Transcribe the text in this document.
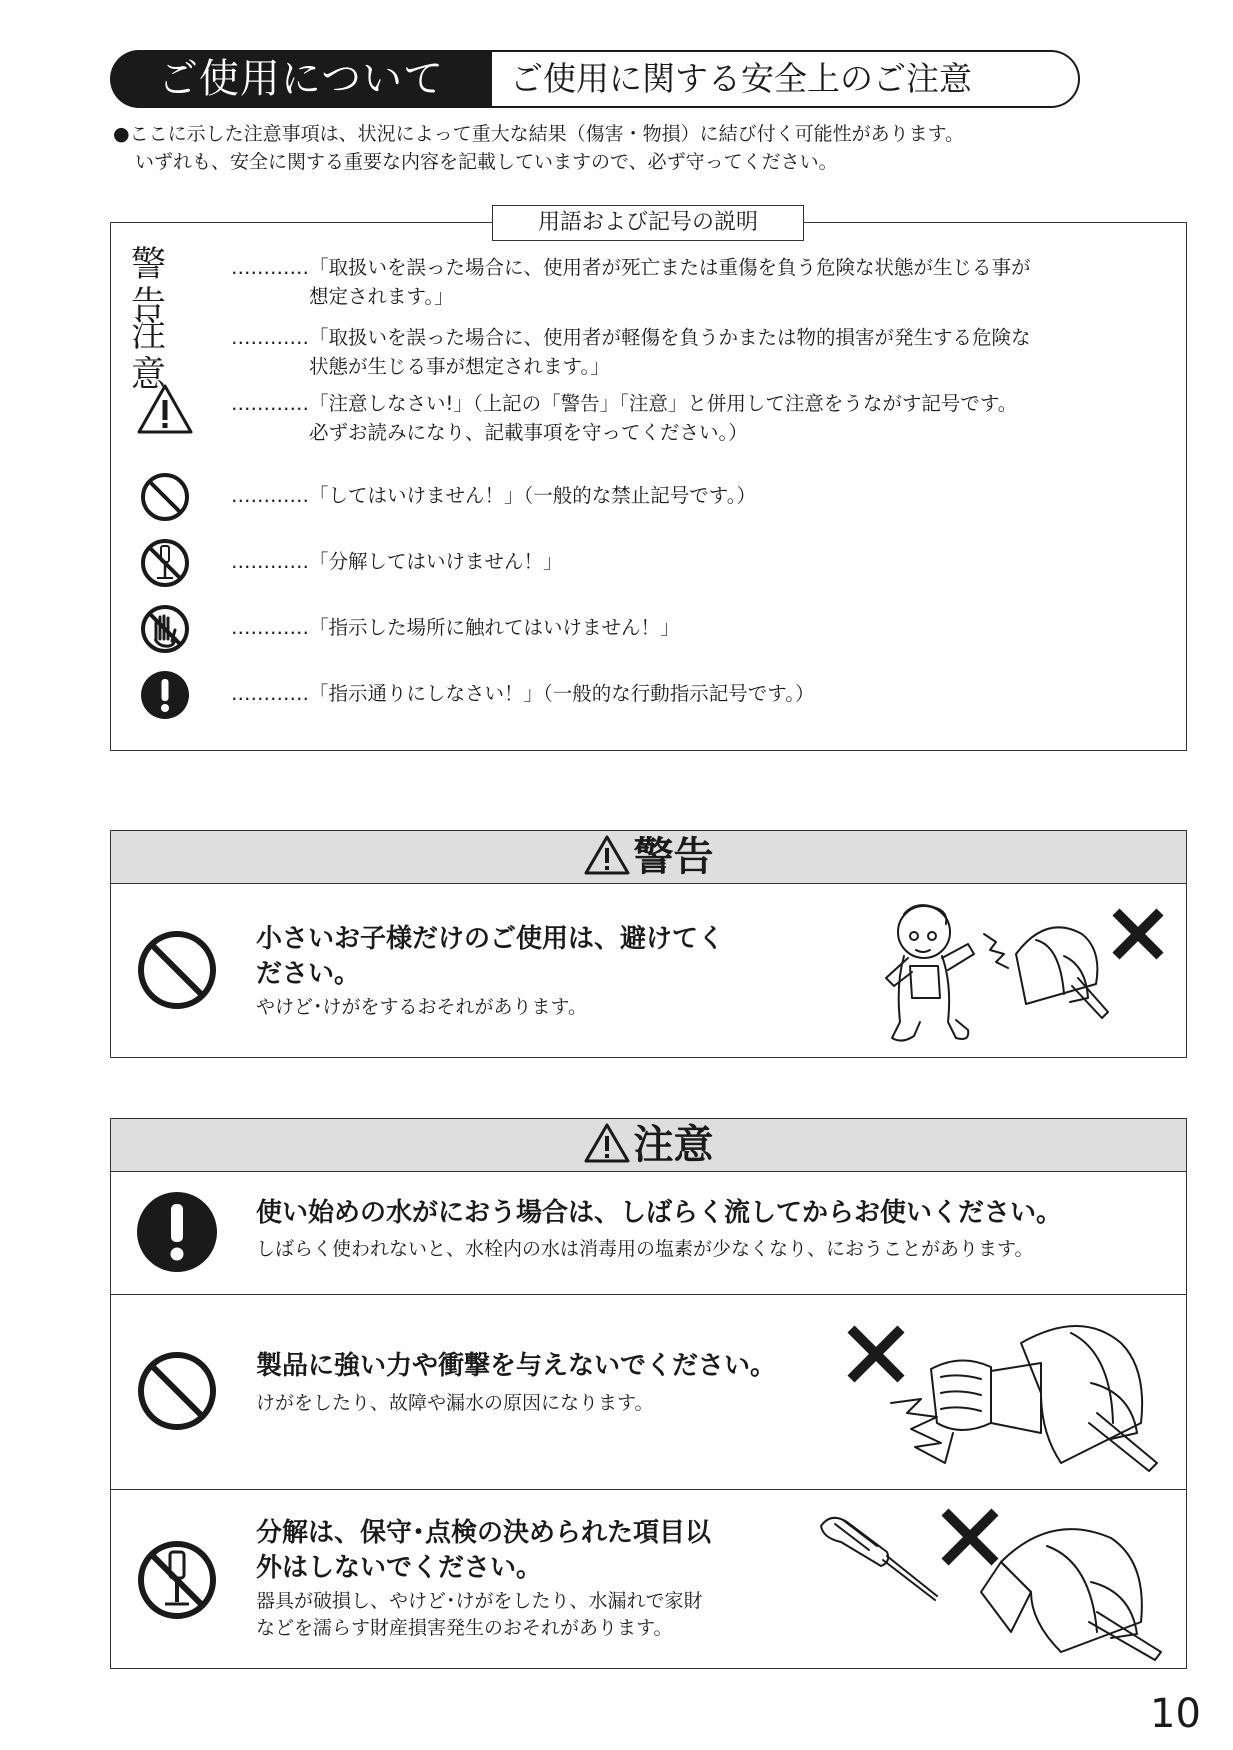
ご使用について	ご使用に関する安全上のご注意
●ここに示した注意事項は、状況によって重大な結果（傷害・物損）に結び付く可能性があります。
いずれも、安全に関する重要な内容を記載していますので、必ず守ってください。
警告
…………「取扱いを誤った場合に、使用者が死亡または重傷を負う危険な状態が生じる事が
　　　　想定されます。」
注意
…………「取扱いを誤った場合に、使用者が軽傷を負うかまたは物的損害が発生する危険な
　　　　状態が生じる事が想定されます。」
…………「注意しなさい!」（上記の「警告」「注意」と併用して注意をうながす記号です。
　　　　必ずお読みになり、記載事項を守ってください。）
…………「してはいけません！」（一般的な禁止記号です。）
…………「分解してはいけません！」
…………「指示した場所に触れてはいけません！」
…………「指示通りにしなさい！」（一般的な行動指示記号です。）
用語および記号の説明
警告
小さいお子様だけのご使用は、避けてく
ださい。
やけど･けがをするおそれがあります。
注意
使い始めの水がにおう場合は、しばらく流してからお使いください。
しばらく使われないと、水栓内の水は消毒用の塩素が少なくなり、におうことがあります。
製品に強い力や衝撃を与えないでください。
けがをしたり、故障や漏水の原因になります。
分解は、保守･点検の決められた項目以
外はしないでください。
器具が破損し、やけど･けがをしたり、水漏れで家財
などを濡らす財産損害発生のおそれがあります。
10
